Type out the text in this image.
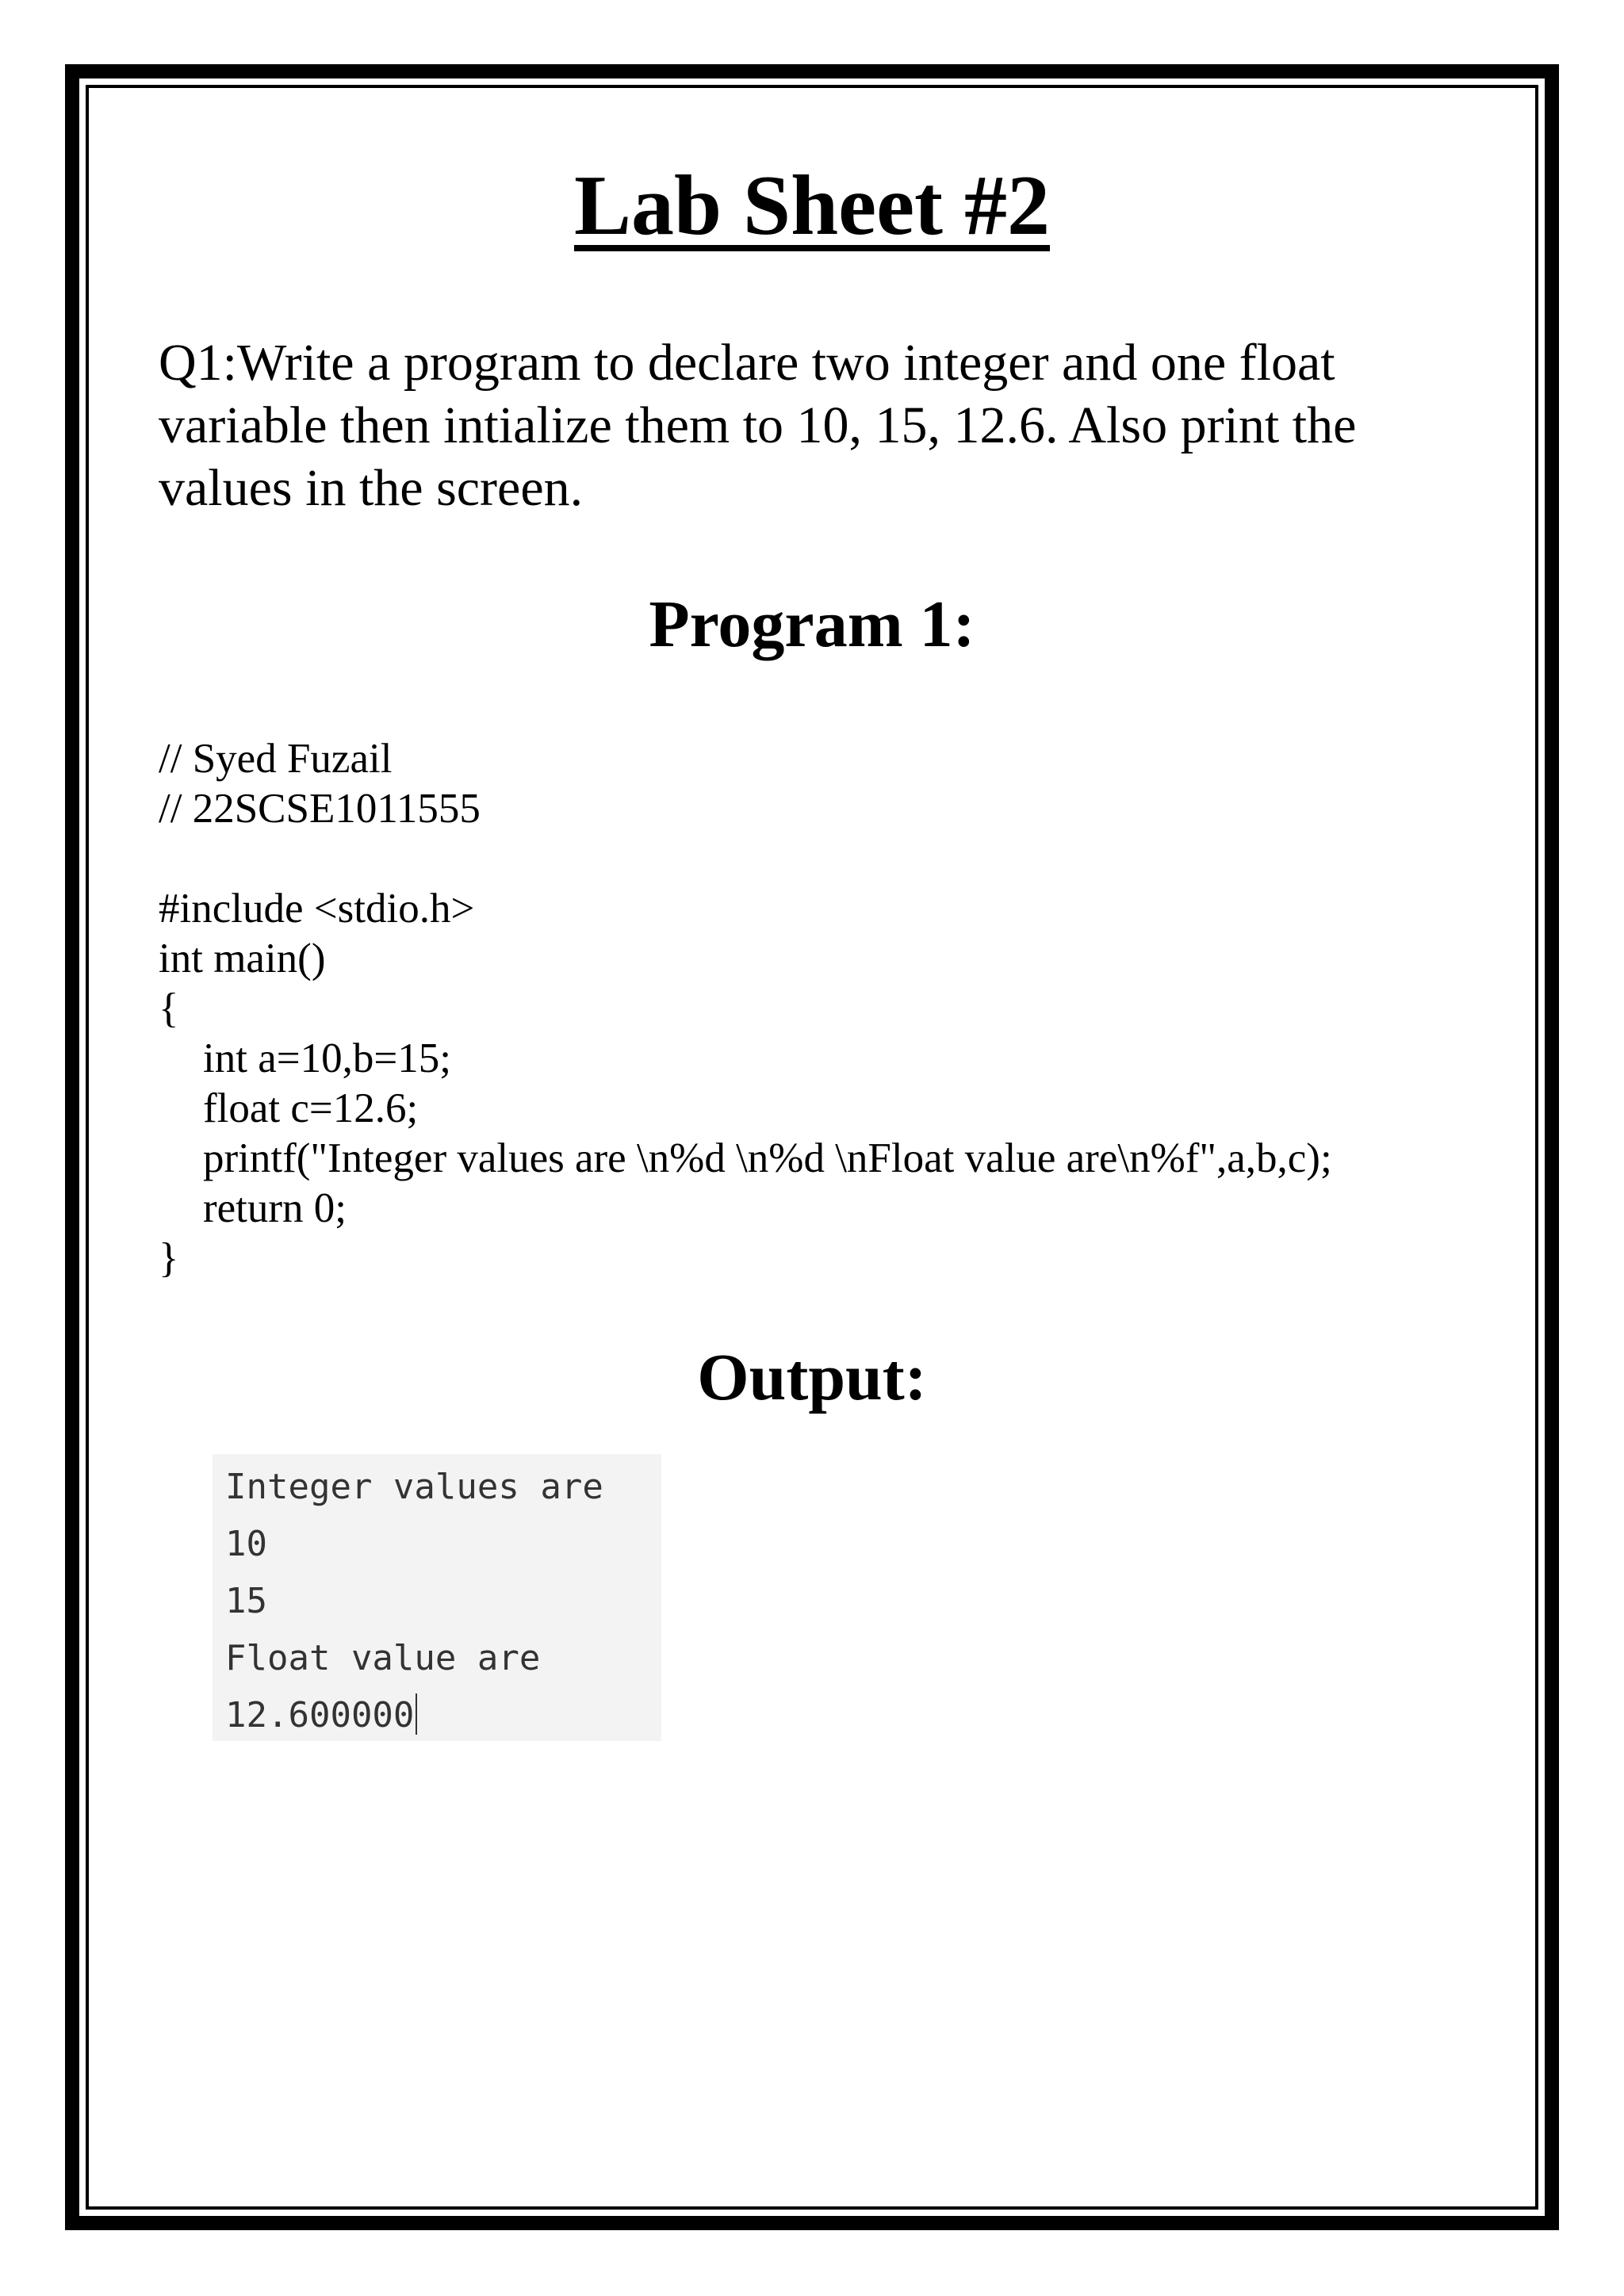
Lab Sheet #2
Q1:Write a program to declare two integer and one float
variable then intialize them to 10, 15, 12.6. Also print the
values in the screen.
Program 1:
// Syed Fuzail
// 22SCSE1011555
#include <stdio.h>
int main()
{
int a=10,b=15;
float c=12.6;
printf("Integer values are \n%d \n%d \nFloat value are\n%f",a,b,c);
return 0;
}
Output:
Integer values are
10
15
Float value are
12.600000
